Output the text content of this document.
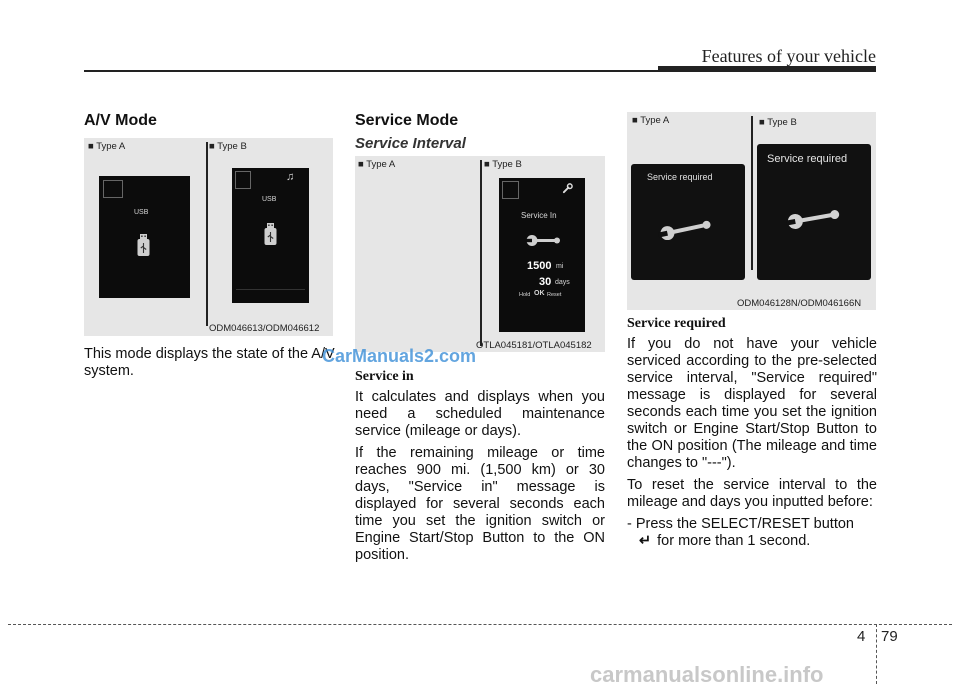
Features of your vehicle
A/V Mode
■ Type A	■ Type B
USB
♫
USB
ODM046613/ODM046612
This mode displays the state of the A/V system.
Service Mode
Service Interval
■ Type A	■ Type B
Service In
1500 mi
30 days
Hold OK Reset
OTLA045181/OTLA045182
Service in

It calculates and displays when you need a scheduled maintenance service (mileage or days).

If the remaining mileage or time reaches 900 mi. (1,500 km) or 30 days, "Service in" message is displayed for several seconds each time you set the ignition switch or Engine Start/Stop Button to the ON position.

■ Type A	■ Type B
Service required
Service required
ODM046128N/ODM046166N
Service required

If you do not have your vehicle serviced according to the pre-selected service interval, "Service required" message is displayed for several seconds each time you set the ignition switch or Engine Start/Stop Button to the ON position (The mileage and time changes to "---").

To reset the service interval to the mileage and days you inputted before:

- Press the SELECT/RESET button

↵ for more than 1 second.

CarManuals2.com
carmanualsonline.info
4 79
